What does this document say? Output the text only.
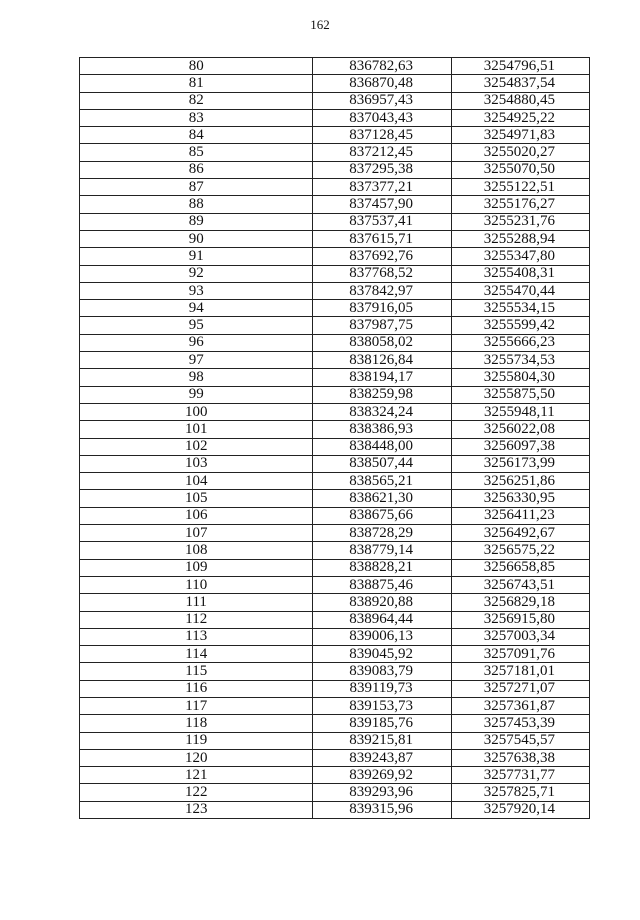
162
80	836782,63	3254796,51
81	836870,48	3254837,54
82	836957,43	3254880,45
83	837043,43	3254925,22
84	837128,45	3254971,83
85	837212,45	3255020,27
86	837295,38	3255070,50
87	837377,21	3255122,51
88	837457,90	3255176,27
89	837537,41	3255231,76
90	837615,71	3255288,94
91	837692,76	3255347,80
92	837768,52	3255408,31
93	837842,97	3255470,44
94	837916,05	3255534,15
95	837987,75	3255599,42
96	838058,02	3255666,23
97	838126,84	3255734,53
98	838194,17	3255804,30
99	838259,98	3255875,50
100	838324,24	3255948,11
101	838386,93	3256022,08
102	838448,00	3256097,38
103	838507,44	3256173,99
104	838565,21	3256251,86
105	838621,30	3256330,95
106	838675,66	3256411,23
107	838728,29	3256492,67
108	838779,14	3256575,22
109	838828,21	3256658,85
110	838875,46	3256743,51
111	838920,88	3256829,18
112	838964,44	3256915,80
113	839006,13	3257003,34
114	839045,92	3257091,76
115	839083,79	3257181,01
116	839119,73	3257271,07
117	839153,73	3257361,87
118	839185,76	3257453,39
119	839215,81	3257545,57
120	839243,87	3257638,38
121	839269,92	3257731,77
122	839293,96	3257825,71
123	839315,96	3257920,14
